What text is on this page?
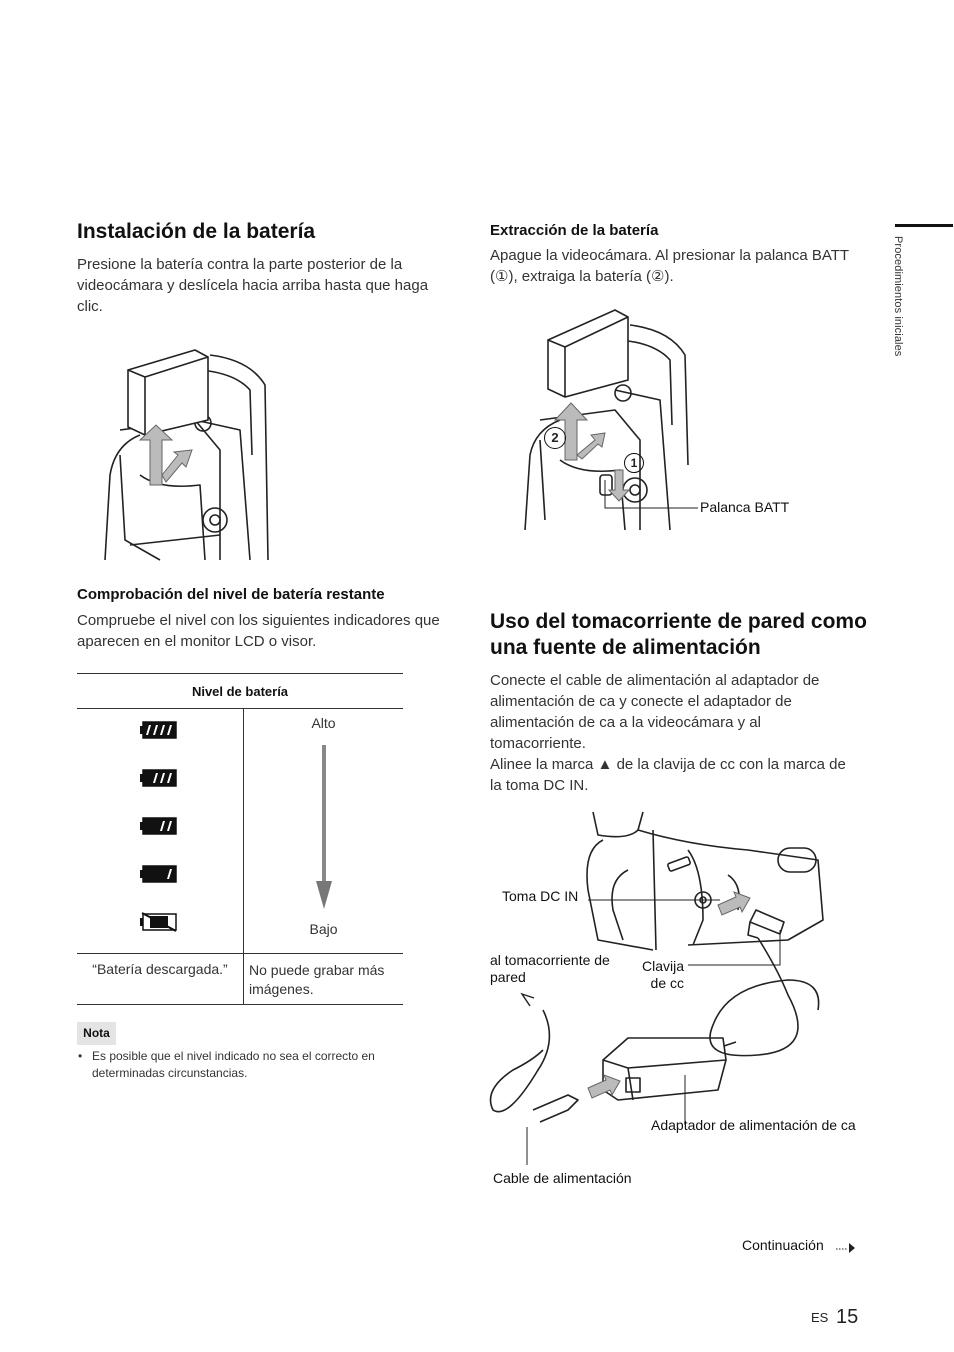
Procedimientos iniciales
Instalación de la batería

Presione la batería contra la parte posterior de la videocámara y deslícela hacia arriba hasta que haga clic.

Comprobación del nivel de batería restante

Compruebe el nivel con los siguientes indicadores que aparecen en el monitor LCD o visor.

Nivel de batería	

Alto
Bajo

“Batería descargada.”	No puede grabar más imágenes.
Nota
• Es posible que el nivel indicado no sea el correcto en determinadas circunstancias.
Extracción de la batería

Apague la videocámara. Al presionar la palanca BATT (①), extraiga la batería (②).

2
1
Palanca BATT
Uso del tomacorriente de pared como una fuente de alimentación

Conecte el cable de alimentación al adaptador de alimentación de ca y conecte el adaptador de alimentación de ca a la videocámara y al tomacorriente.

Alinee la marca ▲ de la clavija de cc con la marca de la toma DC IN.

Toma DC IN
al tomacorriente de pared
Clavija de cc
Adaptador de alimentación de ca
Cable de alimentación
Continuación
ES 15
